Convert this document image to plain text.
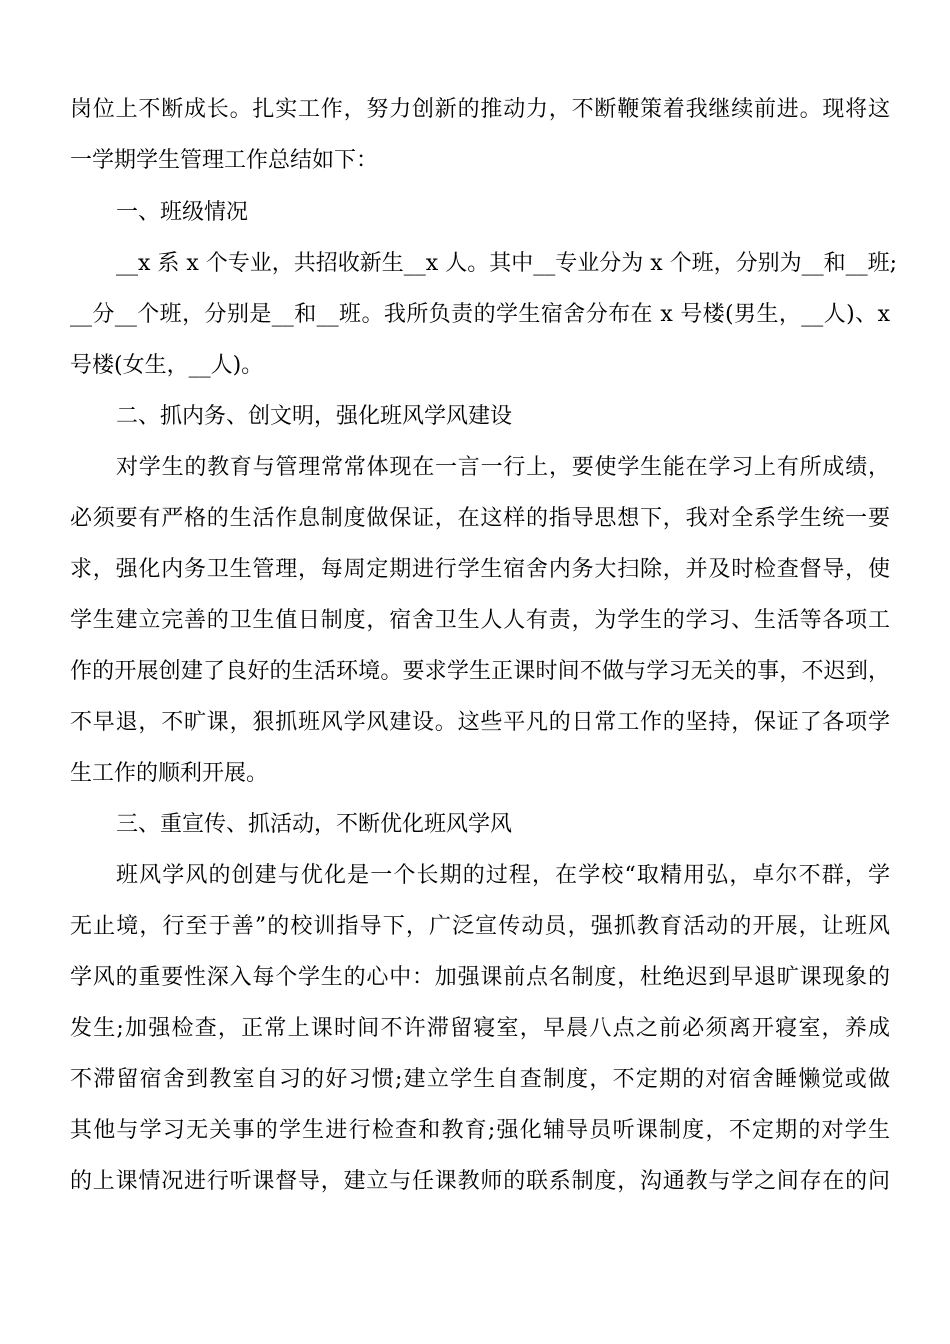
岗位上不断成长。扎实工作，努力创新的推动力，不断鞭策着我继续前进。现将这
一学期学生管理工作总结如下：
一、班级情况
__x 系 x 个专业，共招收新生__x 人。其中__专业分为 x 个班，分别为__和__班;
__分__个班，分别是__和__班。我所负责的学生宿舍分布在 x 号楼(男生，__人)、x
号楼(女生，__人)。
二、抓内务、创文明，强化班风学风建设
对学生的教育与管理常常体现在一言一行上，要使学生能在学习上有所成绩，
必须要有严格的生活作息制度做保证，在这样的指导思想下，我对全系学生统一要
求，强化内务卫生管理，每周定期进行学生宿舍内务大扫除，并及时检查督导，使
学生建立完善的卫生值日制度，宿舍卫生人人有责，为学生的学习、生活等各项工
作的开展创建了良好的生活环境。要求学生正课时间不做与学习无关的事，不迟到，
不早退，不旷课，狠抓班风学风建设。这些平凡的日常工作的坚持，保证了各项学
生工作的顺利开展。
三、重宣传、抓活动，不断优化班风学风
班风学风的创建与优化是一个长期的过程，在学校“取精用弘，卓尔不群，学
无止境，行至于善”的校训指导下，广泛宣传动员，强抓教育活动的开展，让班风
学风的重要性深入每个学生的心中：加强课前点名制度，杜绝迟到早退旷课现象的
发生;加强检查，正常上课时间不许滞留寝室，早晨八点之前必须离开寝室，养成
不滞留宿舍到教室自习的好习惯;建立学生自查制度，不定期的对宿舍睡懒觉或做
其他与学习无关事的学生进行检查和教育;强化辅导员听课制度，不定期的对学生
的上课情况进行听课督导，建立与任课教师的联系制度，沟通教与学之间存在的问
